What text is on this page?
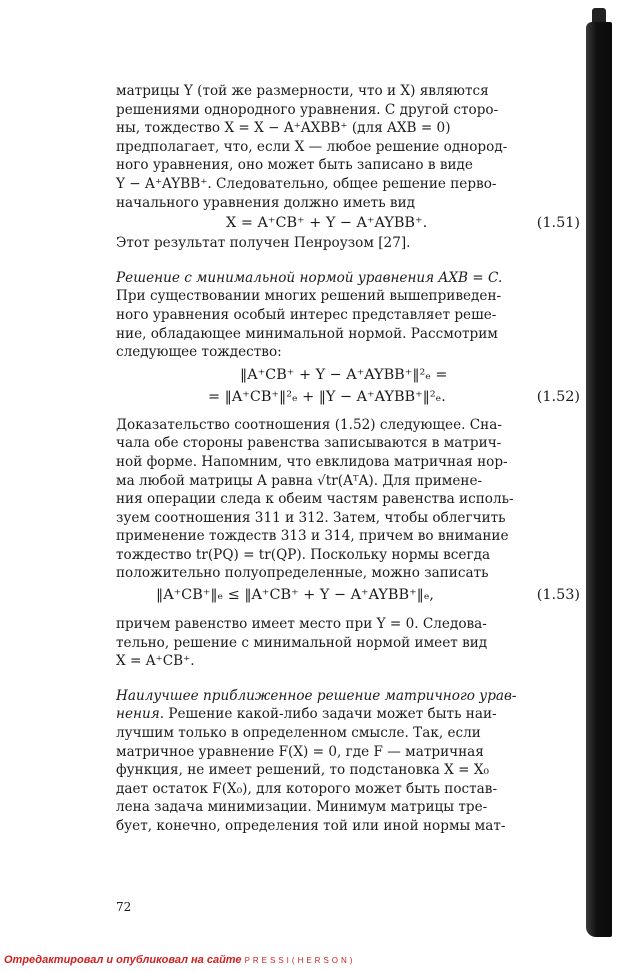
матрицы Y (той же размерности, что и X) являются
решениями однородного уравнения. С другой сторо-
ны, тождество X = X − A⁺AXBB⁺ (для AXB = 0)
предполагает, что, если X — любое решение однород-
ного уравнения, оно может быть записано в виде
Y − A⁺AYBB⁺. Следовательно, общее решение перво-
начального уравнения должно иметь вид
X = A⁺CB⁺ + Y − A⁺AYBB⁺.	(1.51)
Этот результат получен Пенроузом [27].
Решение с минимальной нормой уравнения AXB = C.
При существовании многих решений вышеприведен-
ного уравнения особый интерес представляет реше-
ние, обладающее минимальной нормой. Рассмотрим
следующее тождество:
‖A⁺CB⁺ + Y − A⁺AYBB⁺‖²ₑ =
= ‖A⁺CB⁺‖²ₑ + ‖Y − A⁺AYBB⁺‖²ₑ.	(1.52)
Доказательство соотношения (1.52) следующее. Сна-
чала обе стороны равенства записываются в матрич-
ной форме. Напомним, что евклидова матричная нор-
ма любой матрицы A равна √tr(AᵀA). Для примене-
ния операции следа к обеим частям равенства исполь-
зуем соотношения 311 и 312. Затем, чтобы облегчить
применение тождеств 313 и 314, причем во внимание
тождество tr(PQ) = tr(QP). Поскольку нормы всегда
положительно полуопределенные, можно записать
‖A⁺CB⁺‖ₑ ≤ ‖A⁺CB⁺ + Y − A⁺AYBB⁺‖ₑ,	(1.53)
причем равенство имеет место при Y = 0. Следова-
тельно, решение с минимальной нормой имеет вид
X = A⁺CB⁺.
Наилучшее приближенное решение матричного урав-
нения. Решение какой-либо задачи может быть наи-
лучшим только в определенном смысле. Так, если
матричное уравнение F(X) = 0, где F — матричная
функция, не имеет решений, то подстановка X = X₀
дает остаток F(X₀), для которого может быть постав-
лена задача минимизации. Минимум матрицы тре-
бует, конечно, определения той или иной нормы мат-
72
Отредактировал и опубликовал на сайте PRESSI(HERSON)
